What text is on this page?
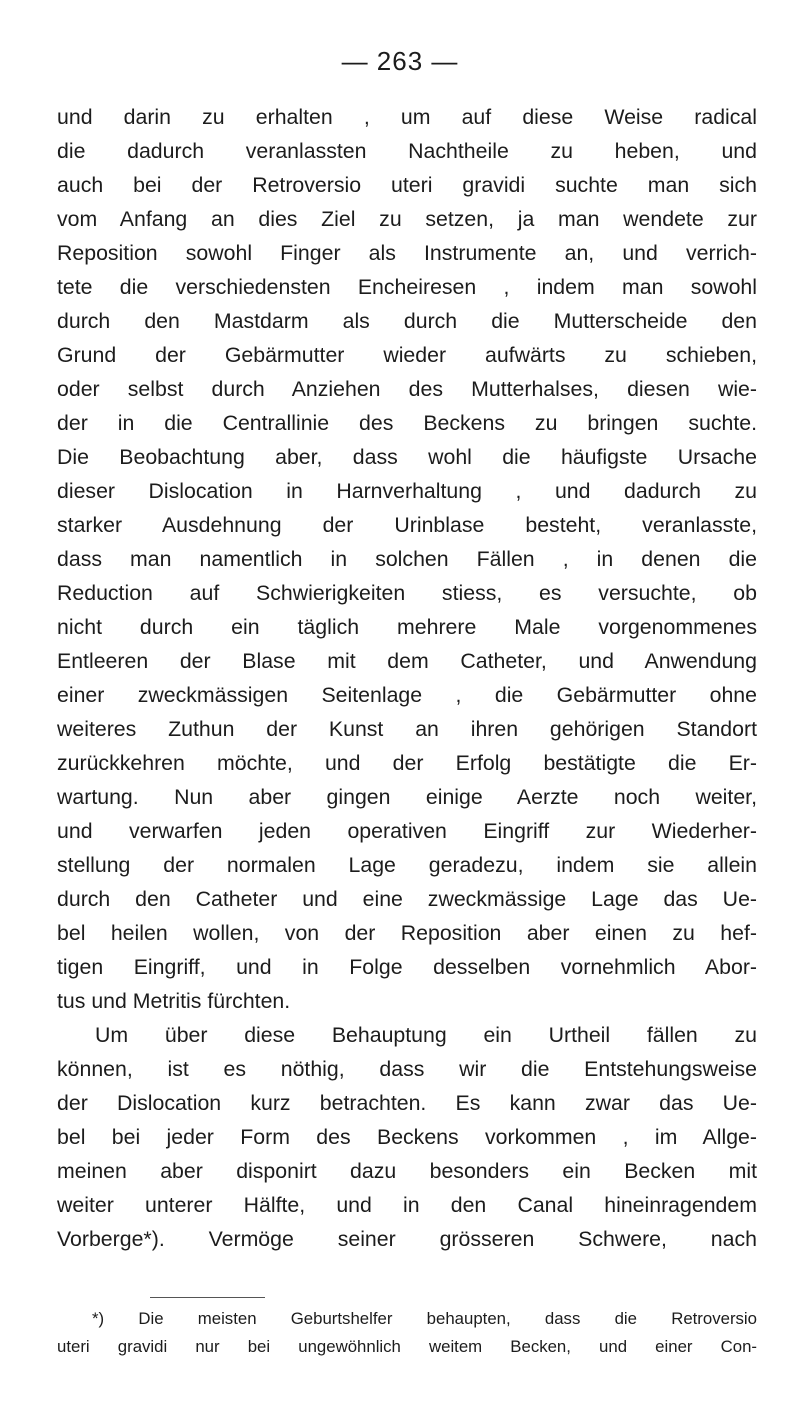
— 263 —
und darin zu erhalten , um auf diese Weise radical
die dadurch veranlassten Nachtheile zu heben, und
auch bei der Retroversio uteri gravidi suchte man sich
vom Anfang an dies Ziel zu setzen, ja man wendete zur
Reposition sowohl Finger als Instrumente an, und verrich-
tete die verschiedensten Encheiresen , indem man sowohl
durch den Mastdarm als durch die Mutterscheide den
Grund der Gebärmutter wieder aufwärts zu schieben,
oder selbst durch Anziehen des Mutterhalses, diesen wie-
der in die Centrallinie des Beckens zu bringen suchte.
Die Beobachtung aber, dass wohl die häufigste Ursache
dieser Dislocation in Harnverhaltung , und dadurch zu
starker Ausdehnung der Urinblase besteht, veranlasste,
dass man namentlich in solchen Fällen , in denen die
Reduction auf Schwierigkeiten stiess, es versuchte, ob
nicht durch ein täglich mehrere Male vorgenommenes
Entleeren der Blase mit dem Catheter, und Anwendung
einer zweckmässigen Seitenlage , die Gebärmutter ohne
weiteres Zuthun der Kunst an ihren gehörigen Standort
zurückkehren möchte, und der Erfolg bestätigte die Er-
wartung. Nun aber gingen einige Aerzte noch weiter,
und verwarfen jeden operativen Eingriff zur Wiederher-
stellung der normalen Lage geradezu, indem sie allein
durch den Catheter und eine zweckmässige Lage das Ue-
bel heilen wollen, von der Reposition aber einen zu hef-
tigen Eingriff, und in Folge desselben vornehmlich Abor-
tus und Metritis fürchten.
Um über diese Behauptung ein Urtheil fällen zu
können, ist es nöthig, dass wir die Entstehungsweise
der Dislocation kurz betrachten. Es kann zwar das Ue-
bel bei jeder Form des Beckens vorkommen , im Allge-
meinen aber disponirt dazu besonders ein Becken mit
weiter unterer Hälfte, und in den Canal hineinragendem
Vorberge*). Vermöge seiner grösseren Schwere, nach
*) Die meisten Geburtshelfer behaupten, dass die Retroversio
uteri gravidi nur bei ungewöhnlich weitem Becken, und einer Con-
